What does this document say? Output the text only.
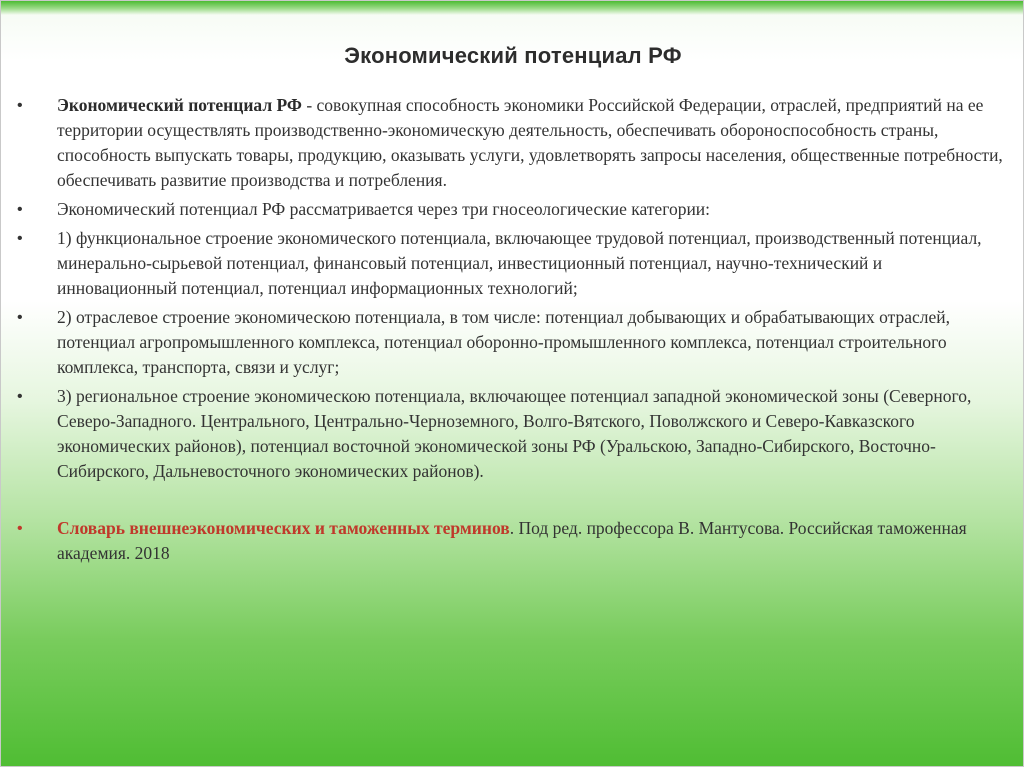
Экономический потенциал РФ
•	Экономический потенциал РФ - совокупная способность экономики Российской Федерации, отраслей, предприятий на ее территории осуществлять производственно-экономическую деятельность, обеспечивать обороноспособность страны, способность выпускать товары, продукцию, оказывать услуги, удовлетворять запросы населения, общественные потребности, обеспечивать развитие производства и потребления.
•	Экономический потенциал РФ рассматривается через три гносеологические категории:
•	1) функциональное строение экономического потенциала, включающее трудовой потенциал, производственный потенциал, минерально-сырьевой потенциал, финансовый потенциал, инвестиционный потенциал, научно-технический и инновационный потенциал, потенциал информационных технологий;
•	2) отраслевое строение экономическою потенциала, в том числе: потенциал добывающих и обрабатывающих отраслей, потенциал агропромышленного комплекса, потенциал оборонно-промышленного комплекса, потенциал строительного комплекса, транспорта, связи и услуг;
•	3) региональное строение экономическою потенциала, включающее потенциал западной экономической зоны (Северного, Северо-Западного. Центрального, Центрально-Черноземного, Волго-Вятского, Поволжского и Северо-Кавказского экономических районов), потенциал восточной экономической зоны РФ (Уральскою, Западно-Сибирского, Восточно-Сибирского, Дальневосточного экономических районов).
•	Словарь внешнеэкономических и таможенных терминов. Под ред. профессора В. Мантусова. Российская таможенная академия. 2018
